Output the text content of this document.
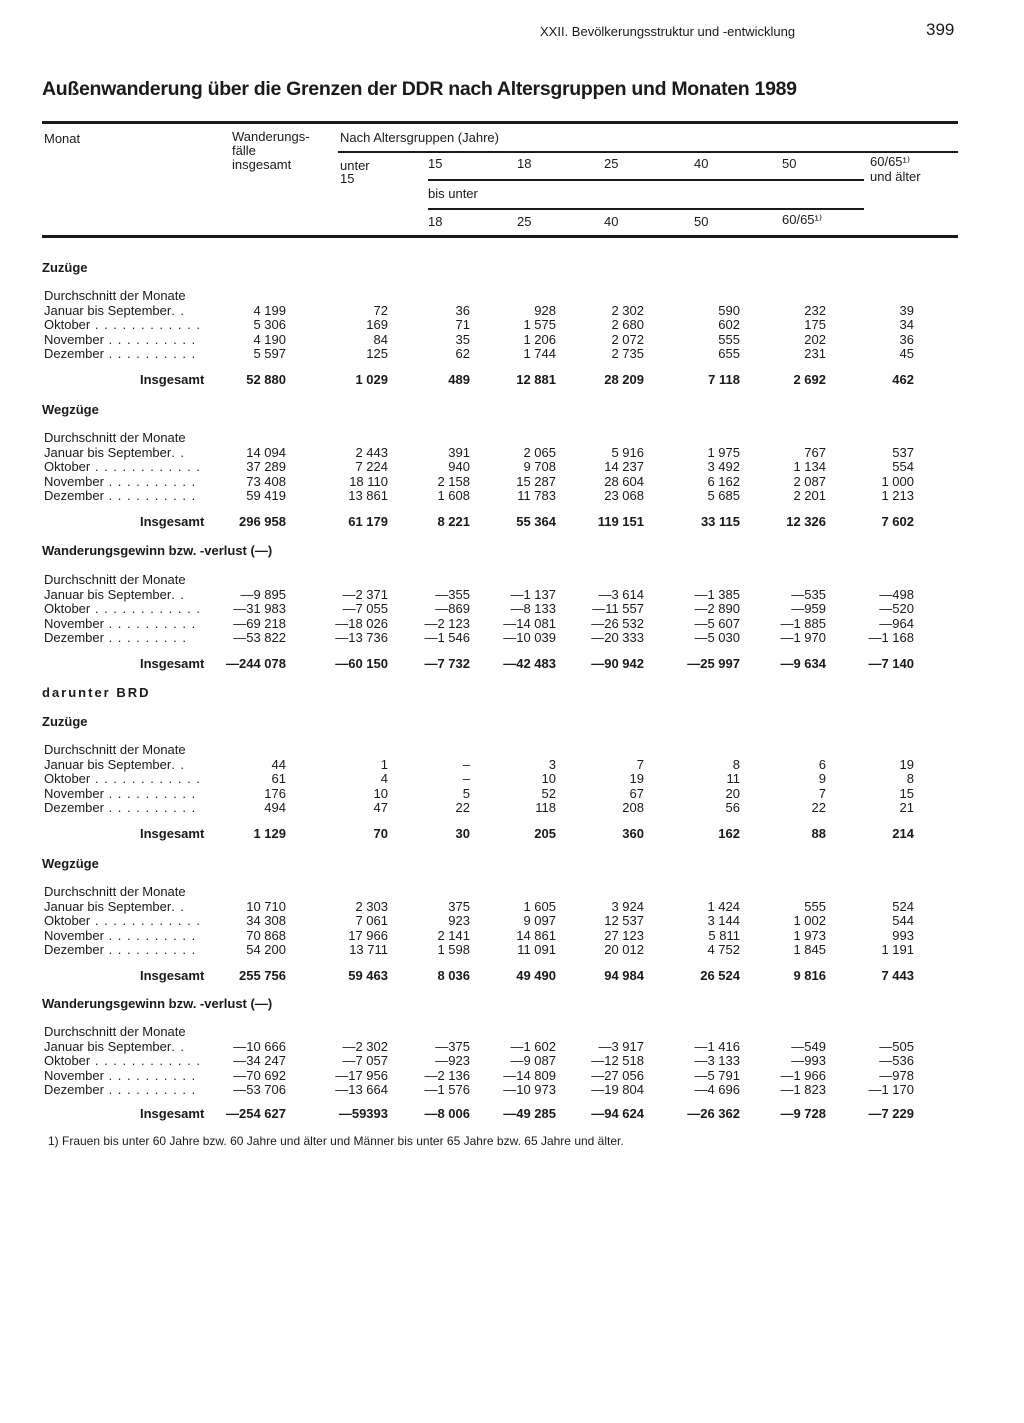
XXII. Bevölkerungsstruktur und -entwicklung	399
Außenwanderung über die Grenzen der DDR nach Altersgruppen und Monaten 1989
Monat	Wanderungs-
fälle
insgesamt
Nach Altersgruppen (Jahre)
unter
15
15	18	25	40	50	60/65¹⁾
und älter
bis unter
18	25	40	50	60/65¹⁾
Zuzüge
Durchschnitt der Monate
Januar bis September. .	4 199	72	36	928	2 302	590	232	39
Oktober . . . . . . . . . . . .	5 306	169	71	1 575	2 680	602	175	34
November . . . . . . . . . .	4 190	84	35	1 206	2 072	555	202	36
Dezember . . . . . . . . . .	5 597	125	62	1 744	2 735	655	231	45
Insgesamt	52 880	1 029	489	12 881	28 209	7 118	2 692	462
Wegzüge
Durchschnitt der Monate
Januar bis September. .	14 094	2 443	391	2 065	5 916	1 975	767	537
Oktober . . . . . . . . . . . .	37 289	7 224	940	9 708	14 237	3 492	1 134	554
November . . . . . . . . . .	73 408	18 110	2 158	15 287	28 604	6 162	2 087	1 000
Dezember . . . . . . . . . .	59 419	13 861	1 608	11 783	23 068	5 685	2 201	1 213
Insgesamt	296 958	61 179	8 221	55 364	119 151	33 115	12 326	7 602
Wanderungsgewinn bzw. -verlust (—)
Durchschnitt der Monate
Januar bis September. .	—9 895	—2 371	—355	—1 137	—3 614	—1 385	—535	—498
Oktober . . . . . . . . . . . .	—31 983	—7 055	—869	—8 133	—11 557	—2 890	—959	—520
November . . . . . . . . . .	—69 218	—18 026	—2 123	—14 081	—26 532	—5 607	—1 885	—964
Dezember . . . . . . . . .	—53 822	—13 736	—1 546	—10 039	—20 333	—5 030	—1 970	—1 168
Insgesamt	—244 078	—60 150	—7 732	—42 483	—90 942	—25 997	—9 634	—7 140
darunter BRD
Zuzüge
Durchschnitt der Monate
Januar bis September. .	44	1	–	3	7	8	6	19
Oktober . . . . . . . . . . . .	61	4	–	10	19	11	9	8
November . . . . . . . . . .	176	10	5	52	67	20	7	15
Dezember . . . . . . . . . .	494	47	22	118	208	56	22	21
Insgesamt	1 129	70	30	205	360	162	88	214
Wegzüge
Durchschnitt der Monate
Januar bis September. .	10 710	2 303	375	1 605	3 924	1 424	555	524
Oktober . . . . . . . . . . . .	34 308	7 061	923	9 097	12 537	3 144	1 002	544
November . . . . . . . . . .	70 868	17 966	2 141	14 861	27 123	5 811	1 973	993
Dezember . . . . . . . . . .	54 200	13 711	1 598	11 091	20 012	4 752	1 845	1 191
Insgesamt	255 756	59 463	8 036	49 490	94 984	26 524	9 816	7 443
Wanderungsgewinn bzw. -verlust (—)
Durchschnitt der Monate
Januar bis September. .	—10 666	—2 302	—375	—1 602	—3 917	—1 416	—549	—505
Oktober . . . . . . . . . . . .	—34 247	—7 057	—923	—9 087	—12 518	—3 133	—993	—536
November . . . . . . . . . .	—70 692	—17 956	—2 136	—14 809	—27 056	—5 791	—1 966	—978
Dezember . . . . . . . . . .	—53 706	—13 664	—1 576	—10 973	—19 804	—4 696	—1 823	—1 170
Insgesamt	—254 627	—59393	—8 006	—49 285	—94 624	—26 362	—9 728	—7 229
1) Frauen bis unter 60 Jahre bzw. 60 Jahre und älter und Männer bis unter 65 Jahre bzw. 65 Jahre und älter.
